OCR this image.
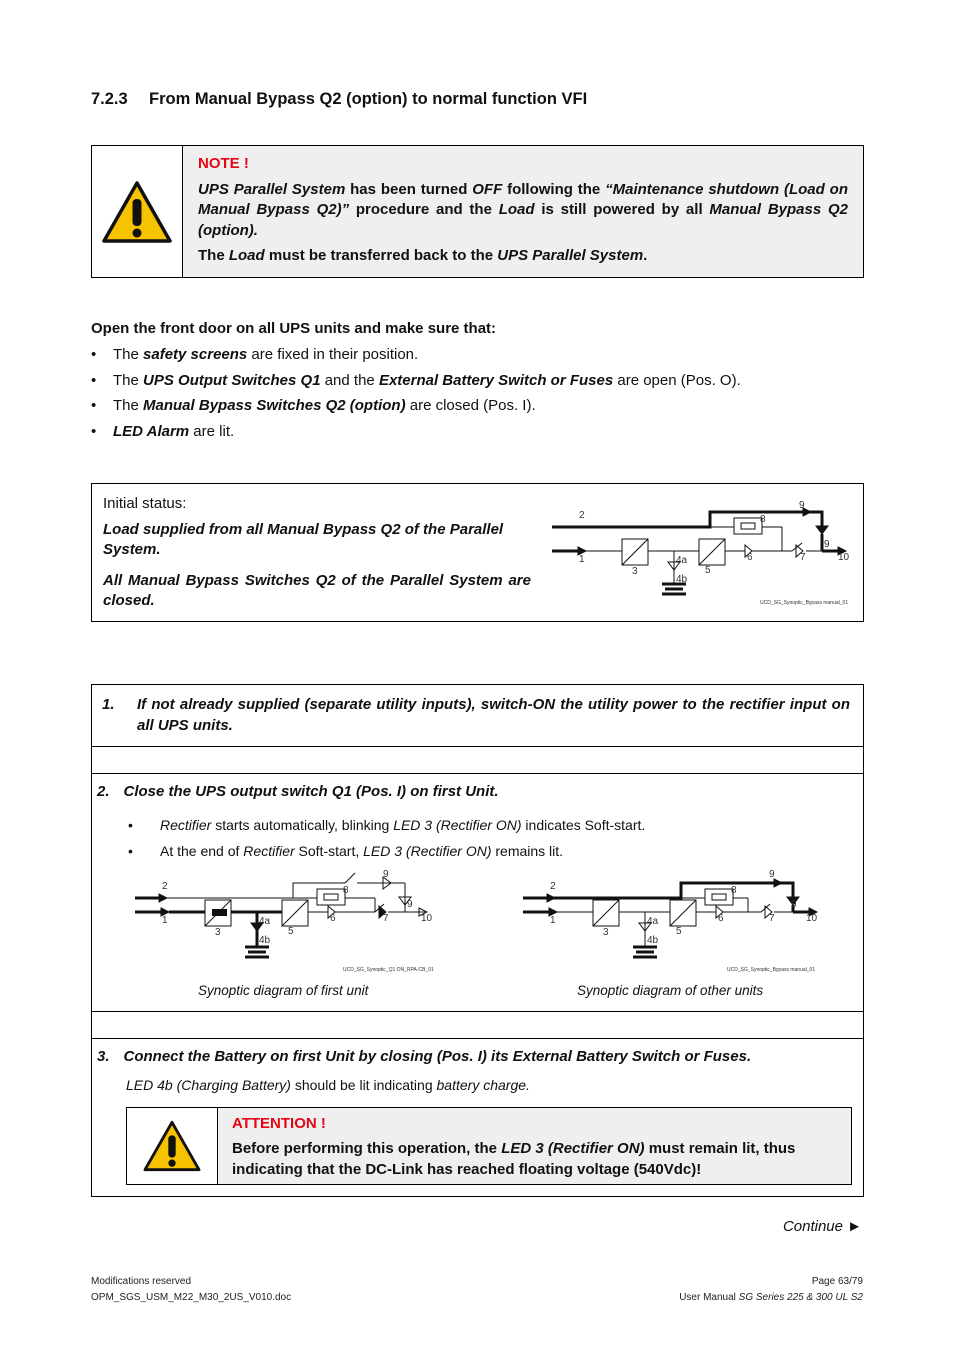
7.2.3 From Manual Bypass Q2 (option) to normal function VFI
NOTE !
UPS Parallel System has been turned OFF following the “Maintenance shutdown (Load on Manual Bypass Q2)” procedure and the Load is still powered by all Manual Bypass Q2 (option).
The Load must be transferred back to the UPS Parallel System.
Open the front door on all UPS units and make sure that:
• The safety screens are fixed in their position.
• The UPS Output Switches Q1 and the External Battery Switch or Fuses are open (Pos. O).
• The Manual Bypass Switches Q2 (option) are closed (Pos. I).
• LED Alarm are lit.
Initial status:
Load supplied from all Manual Bypass Q2 of the Parallel System.
All Manual Bypass Switches Q2 of the Parallel System are closed.
2
1
3
4a
4b
5
6	7
8
9
9
10
UCD_SG_Synoptic_Bypass manual_01
1. If not already supplied (separate utility inputs), switch-ON the utility power to the rectifier input on all UPS units.
2. Close the UPS output switch Q1 (Pos. I) on first Unit.
• Rectifier starts automatically, blinking LED 3 (Rectifier ON) indicates Soft-start.
• At the end of Rectifier Soft-start, LED 3 (Rectifier ON) remains lit.
2
1
3
4a
4b
5
6	7
8
9
9
10
UCD_SG_Synoptic_Q1 ON_RPA-CB_01
2
1
3
4a
4b
5
6	7
8
9
9
10
UCD_SG_Synoptic_Bypass manual_01
Synoptic diagram of first unit	Synoptic diagram of other units
3. Connect the Battery on first Unit by closing (Pos. I) its External Battery Switch or Fuses.
LED 4b (Charging Battery) should be lit indicating battery charge.
ATTENTION !
Before performing this operation, the LED 3 (Rectifier ON) must remain lit, thus indicating that the DC-Link has reached floating voltage (540Vdc)!
Continue ►
Modifications reserved
OPM_SGS_USM_M22_M30_2US_V010.doc
Page 63/79
User Manual SG Series 225 & 300 UL S2
